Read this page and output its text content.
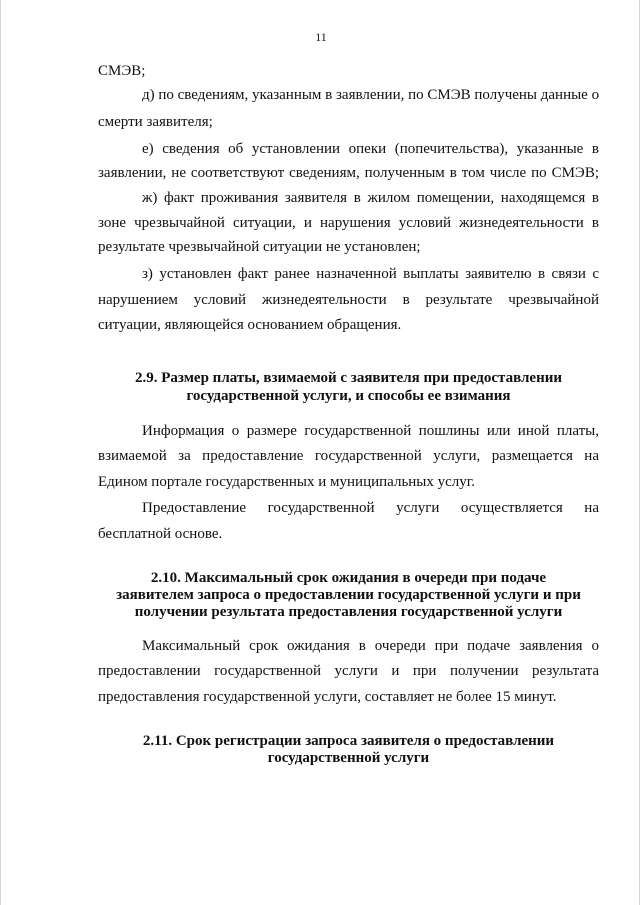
11
СМЭВ;
д) по сведениям, указанным в заявлении, по СМЭВ получены данные о
смерти заявителя;
е) сведения об установлении опеки (попечительства), указанные в
заявлении, не соответствуют сведениям, полученным в том числе по СМЭВ;
ж) факт проживания заявителя в жилом помещении, находящемся в
зоне чрезвычайной ситуации, и нарушения условий жизнедеятельности в
результате чрезвычайной ситуации не установлен;
з) установлен факт ранее назначенной выплаты заявителю в связи с
нарушением условий жизнедеятельности в результате чрезвычайной
ситуации, являющейся основанием обращения.
2.9. Размер платы, взимаемой с заявителя при предоставлении
государственной услуги, и способы ее взимания
Информация о размере государственной пошлины или иной платы,
взимаемой за предоставление государственной услуги, размещается на
Едином портале государственных и муниципальных услуг.
Предоставление государственной услуги осуществляется на
бесплатной основе.
2.10. Максимальный срок ожидания в очереди при подаче
заявителем запроса о предоставлении государственной услуги и при
получении результата предоставления государственной услуги
Максимальный срок ожидания в очереди при подаче заявления о
предоставлении государственной услуги и при получении результата
предоставления государственной услуги, составляет не более 15 минут.
2.11. Срок регистрации запроса заявителя о предоставлении
государственной услуги
